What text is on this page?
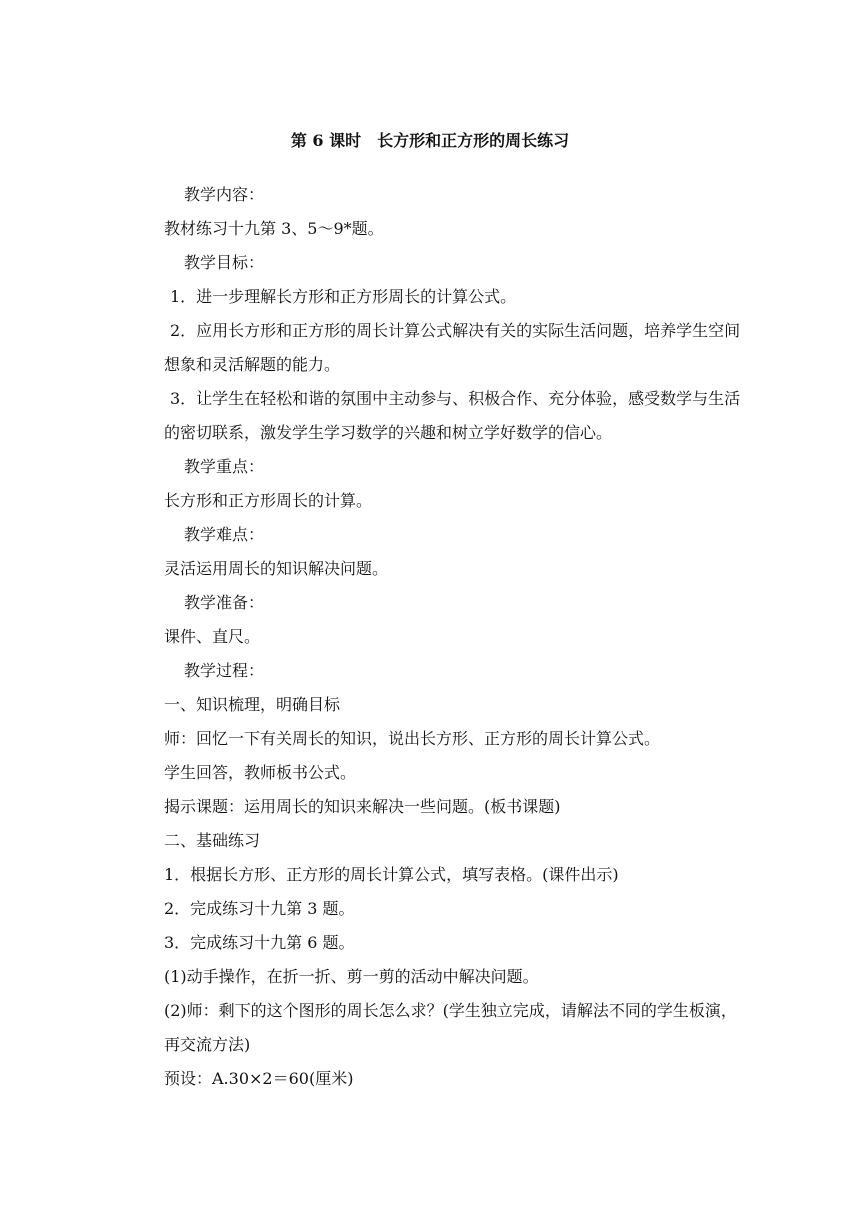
第 6 课时　长方形和正方形的周长练习

教学内容：

教材练习十九第 3、5～9*题。

教学目标：

1．进一步理解长方形和正方形周长的计算公式。

2．应用长方形和正方形的周长计算公式解决有关的实际生活问题，培养学生空间想象和灵活解题的能力。

3．让学生在轻松和谐的氛围中主动参与、积极合作、充分体验，感受数学与生活的密切联系，激发学生学习数学的兴趣和树立学好数学的信心。

教学重点：

长方形和正方形周长的计算。

教学难点：

灵活运用周长的知识解决问题。

教学准备：

课件、直尺。

教学过程：

一、知识梳理，明确目标

师：回忆一下有关周长的知识，说出长方形、正方形的周长计算公式。

学生回答，教师板书公式。

揭示课题：运用周长的知识来解决一些问题。(板书课题)

二、基础练习

1．根据长方形、正方形的周长计算公式，填写表格。(课件出示)

2．完成练习十九第 3 题。

3．完成练习十九第 6 题。

(1)动手操作，在折一折、剪一剪的活动中解决问题。

(2)师：剩下的这个图形的周长怎么求？(学生独立完成，请解法不同的学生板演，再交流方法)

预设：A.30×2＝60(厘米)
